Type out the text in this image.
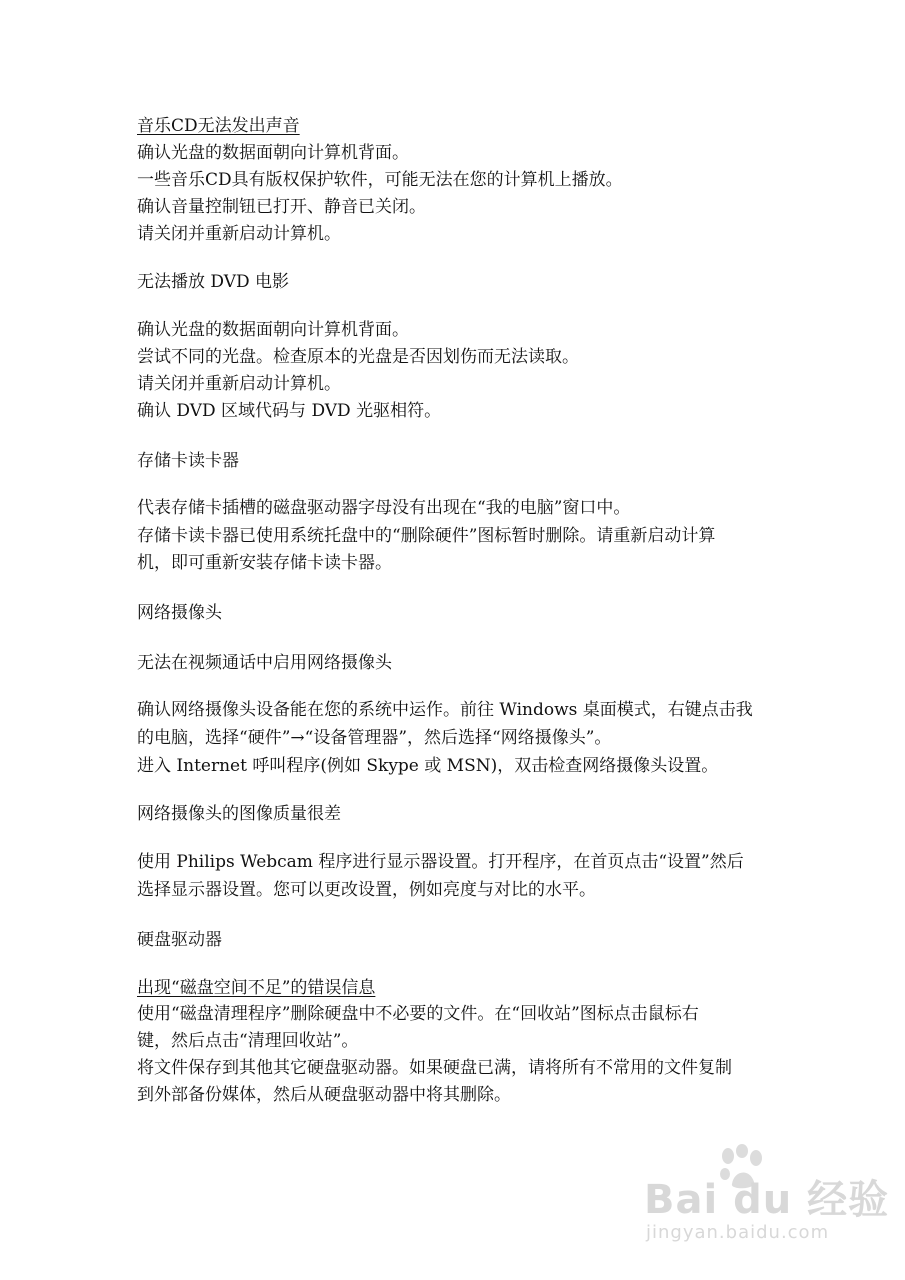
音乐CD无法发出声音

确认光盘的数据面朝向计算机背面。

一些音乐CD具有版权保护软件，可能无法在您的计算机上播放。

确认音量控制钮已打开、静音已关闭。

请关闭并重新启动计算机。

无法播放 DVD 电影

确认光盘的数据面朝向计算机背面。

尝试不同的光盘。检查原本的光盘是否因划伤而无法读取。

请关闭并重新启动计算机。

确认 DVD 区域代码与 DVD 光驱相符。

存储卡读卡器

代表存储卡插槽的磁盘驱动器字母没有出现在“我的电脑”窗口中。

存储卡读卡器已使用系统托盘中的“删除硬件”图标暂时删除。请重新启动计算

机，即可重新安装存储卡读卡器。

网络摄像头

无法在视频通话中启用网络摄像头

确认网络摄像头设备能在您的系统中运作。前往 Windows 桌面模式，右键点击我

的电脑，选择“硬件”→“设备管理器”，然后选择“网络摄像头”。

进入 Internet 呼叫程序(例如 Skype 或 MSN)，双击检查网络摄像头设置。

网络摄像头的图像质量很差

使用 Philips Webcam 程序进行显示器设置。打开程序，在首页点击“设置”然后

选择显示器设置。您可以更改设置，例如亮度与对比的水平。

硬盘驱动器

出现“磁盘空间不足”的错误信息

使用“磁盘清理程序”删除硬盘中不必要的文件。在“回收站”图标点击鼠标右

键，然后点击“清理回收站”。

将文件保存到其他其它硬盘驱动器。如果硬盘已满，请将所有不常用的文件复制

到外部备份媒体，然后从硬盘驱动器中将其删除。

Bai du 经验
jingyan.baidu.com
